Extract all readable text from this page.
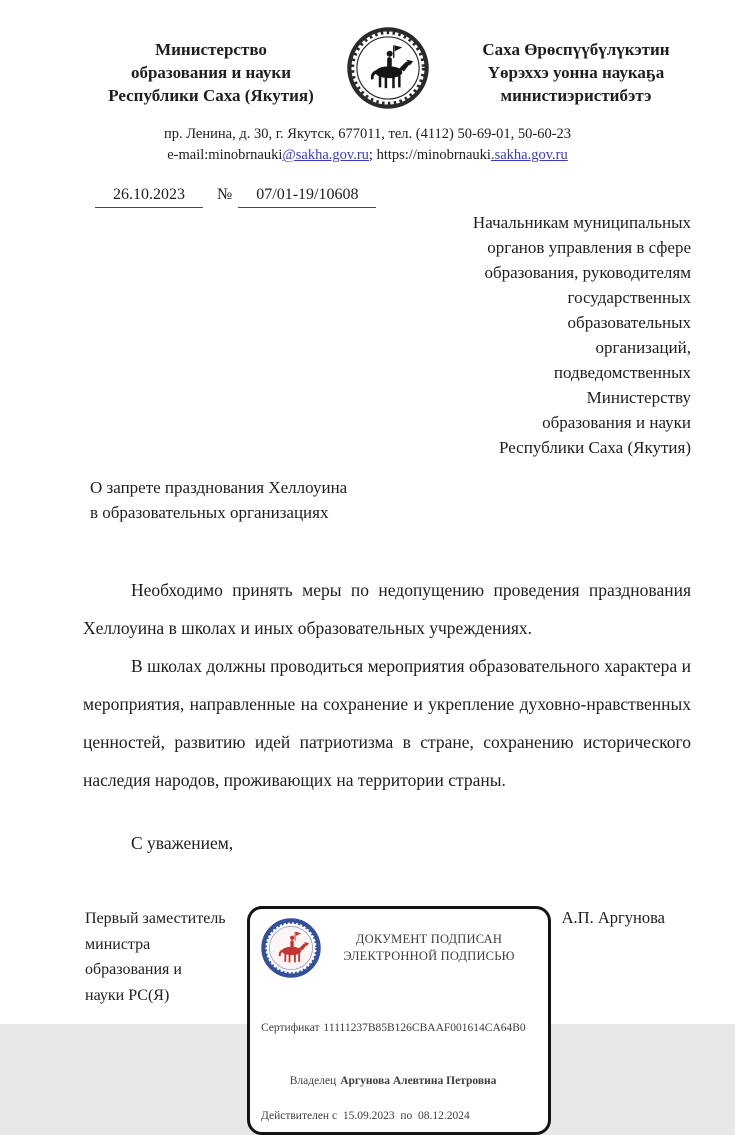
Министерство
образования и науки
Республики Саха (Якутия)
Саха Өрөспүүбүлүкэтин
Үөрэххэ уонна наукаҕа
министиэристибэтэ
пр. Ленина, д. 30, г. Якутск, 677011, тел. (4112) 50-69-01, 50-60-23
e-mail:minobrnauki@sakha.gov.ru; https://minobrnauki.sakha.gov.ru
26.10.2023 № 07/01-19/10608
Начальникам муниципальных
органов управления в сфере
образования, руководителям
государственных
образовательных
организаций,
подведомственных
Министерству
образования и науки
Республики Саха (Якутия)
О запрете празднования Хеллоуина
в образовательных организациях

Необходимо принять меры по недопущению проведения празднования Хеллоуина в школах и иных образовательных учреждениях.

В школах должны проводиться мероприятия образовательного характера и мероприятия, направленные на сохранение и укрепление духовно-нравственных ценностей, развитию идей патриотизма в стране, сохранению исторического наследия народов, проживающих на территории страны.

С уважением,
Первый заместитель
министра
образования и
науки РС(Я)
ДОКУМЕНТ ПОДПИСАН
ЭЛЕКТРОННОЙ ПОДПИСЬЮ

Сертификат 11111237B85B126CBAAF001614CA64B0

Владелец Аргунова Алевтина Петровна

Действителен с  15.09.2023  по  08.12.2024
А.П. Аргунова
